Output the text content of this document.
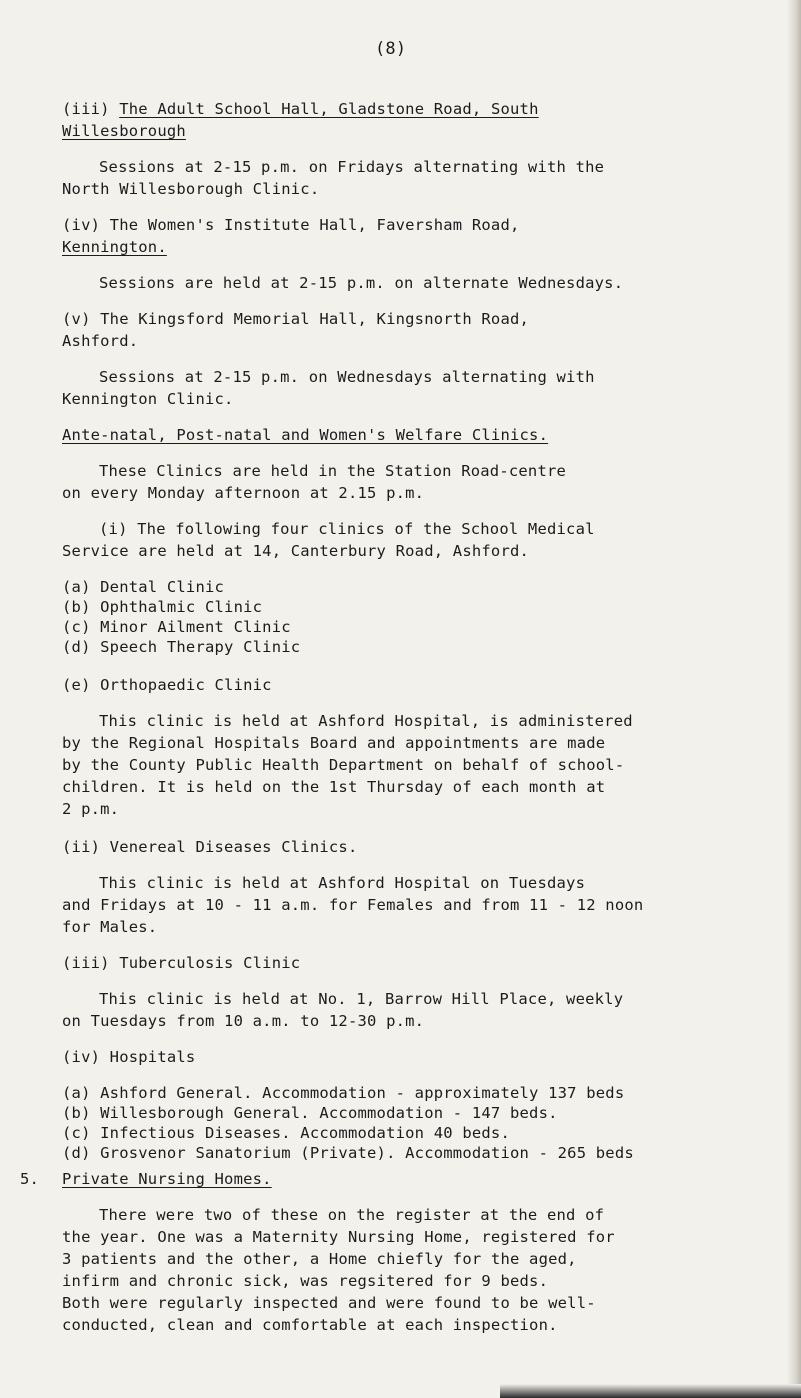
(8)
(iii) The Adult School Hall, Gladstone Road, South
Willesborough
Sessions at 2-15 p.m. on Fridays alternating with the
North Willesborough Clinic.
(iv) The Women's Institute Hall, Faversham Road,
Kennington.
Sessions are held at 2-15 p.m. on alternate Wednesdays.
(v) The Kingsford Memorial Hall, Kingsnorth Road,
Ashford.
Sessions at 2-15 p.m. on Wednesdays alternating with
Kennington Clinic.
Ante-natal, Post-natal and Women's Welfare Clinics.
These Clinics are held in the Station Road-centre
on every Monday afternoon at 2.15 p.m.
(i) The following four clinics of the School Medical
Service are held at 14, Canterbury Road, Ashford.
(a) Dental Clinic
(b) Ophthalmic Clinic
(c) Minor Ailment Clinic
(d) Speech Therapy Clinic
(e) Orthopaedic Clinic
This clinic is held at Ashford Hospital, is administered
by the Regional Hospitals Board and appointments are made
by the County Public Health Department on behalf of school-
children. It is held on the 1st Thursday of each month at
2 p.m.
(ii) Venereal Diseases Clinics.
This clinic is held at Ashford Hospital on Tuesdays
and Fridays at 10 - 11 a.m. for Females and from 11 - 12 noon
for Males.
(iii) Tuberculosis Clinic
This clinic is held at No. 1, Barrow Hill Place, weekly
on Tuesdays from 10 a.m. to 12-30 p.m.
(iv) Hospitals
(a) Ashford General. Accommodation - approximately 137 beds
(b) Willesborough General. Accommodation - 147 beds.
(c) Infectious Diseases. Accommodation 40 beds.
(d) Grosvenor Sanatorium (Private). Accommodation - 265 beds
5. Private Nursing Homes.
There were two of these on the register at the end of
the year. One was a Maternity Nursing Home, registered for
3 patients and the other, a Home chiefly for the aged,
infirm and chronic sick, was regsitered for 9 beds.
Both were regularly inspected and were found to be well-
conducted, clean and comfortable at each inspection.
